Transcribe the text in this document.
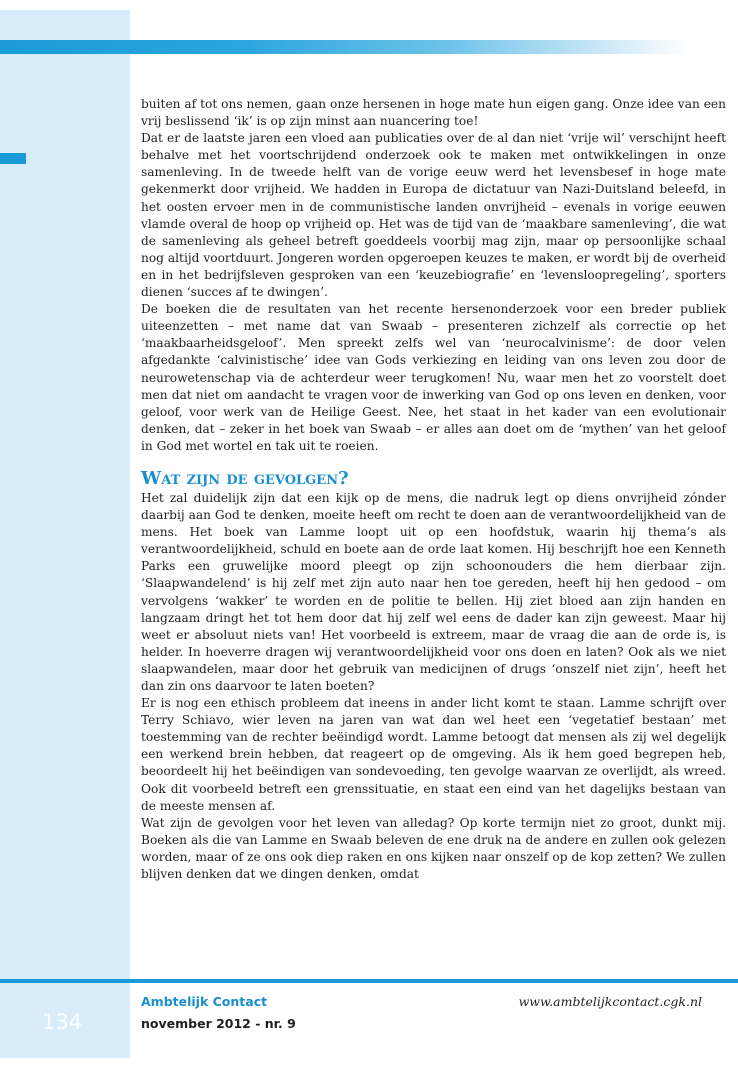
buiten af tot ons nemen, gaan onze hersenen in hoge mate hun eigen gang. Onze idee van een vrij beslissend ‘ik’ is op zijn minst aan nuancering toe!

Dat er de laatste jaren een vloed aan publicaties over de al dan niet ‘vrije wil’ verschijnt heeft behalve met het voortschrijdend onderzoek ook te maken met ontwikkelingen in onze samenleving. In de tweede helft van de vorige eeuw werd het levensbesef in hoge mate gekenmerkt door vrijheid. We hadden in Europa de dictatuur van Nazi-Duitsland beleefd, in het oosten ervoer men in de communistische landen onvrijheid – evenals in vorige eeuwen vlamde overal de hoop op vrijheid op. Het was de tijd van de ‘maakbare samenleving’, die wat de samenleving als geheel betreft goeddeels voorbij mag zijn, maar op persoonlijke schaal nog altijd voortduurt. Jongeren worden opgeroepen keuzes te maken, er wordt bij de overheid en in het bedrijfsleven gesproken van een ‘keuzebiografie’ en ‘levensloopregeling’, sporters dienen ‘succes af te dwingen’.

De boeken die de resultaten van het recente hersenonderzoek voor een breder publiek uiteenzetten – met name dat van Swaab – presenteren zichzelf als correctie op het ‘maakbaarheidsgeloof’. Men spreekt zelfs wel van ‘neurocalvinisme’: de door velen afgedankte ‘calvinistische’ idee van Gods verkiezing en leiding van ons leven zou door de neurowetenschap via de achterdeur weer terugkomen! Nu, waar men het zo voorstelt doet men dat niet om aandacht te vragen voor de inwerking van God op ons leven en denken, voor geloof, voor werk van de Heilige Geest. Nee, het staat in het kader van een evolutionair denken, dat – zeker in het boek van Swaab – er alles aan doet om de ‘mythen’ van het geloof in God met wortel en tak uit te roeien.

Wat zijn de gevolgen?

Het zal duidelijk zijn dat een kijk op de mens, die nadruk legt op diens onvrijheid zónder daarbij aan God te denken, moeite heeft om recht te doen aan de verantwoordelijkheid van de mens. Het boek van Lamme loopt uit op een hoofdstuk, waarin hij thema’s als verantwoordelijkheid, schuld en boete aan de orde laat komen. Hij beschrijft hoe een Kenneth Parks een gruwelijke moord pleegt op zijn schoonouders die hem dierbaar zijn. ‘Slaapwandelend’ is hij zelf met zijn auto naar hen toe gereden, heeft hij hen gedood – om vervolgens ‘wakker’ te worden en de politie te bellen. Hij ziet bloed aan zijn handen en langzaam dringt het tot hem door dat hij zelf wel eens de dader kan zijn geweest. Maar hij weet er absoluut niets van! Het voorbeeld is extreem, maar de vraag die aan de orde is, is helder. In hoeverre dragen wij verantwoordelijkheid voor ons doen en laten? Ook als we niet slaapwandelen, maar door het gebruik van medicijnen of drugs ‘onszelf niet zijn’, heeft het dan zin ons daarvoor te laten boeten?

Er is nog een ethisch probleem dat ineens in ander licht komt te staan. Lamme schrijft over Terry Schiavo, wier leven na jaren van wat dan wel heet een ‘vegetatief bestaan’ met toestemming van de rechter beëindigd wordt. Lamme betoogt dat mensen als zij wel degelijk een werkend brein hebben, dat reageert op de omgeving. Als ik hem goed begrepen heb, beoordeelt hij het beëindigen van sondevoeding, ten gevolge waarvan ze overlijdt, als wreed. Ook dit voorbeeld betreft een grenssituatie, en staat een eind van het dagelijks bestaan van de meeste mensen af.

Wat zijn de gevolgen voor het leven van alledag? Op korte termijn niet zo groot, dunkt mij. Boeken als die van Lamme en Swaab beleven de ene druk na de andere en zullen ook gelezen worden, maar of ze ons ook diep raken en ons kijken naar onszelf op de kop zetten? We zullen blijven denken dat we dingen denken, omdat

134
Ambtelijk Contact
november 2012 - nr. 9
www.ambtelijkcontact.cgk.nl
